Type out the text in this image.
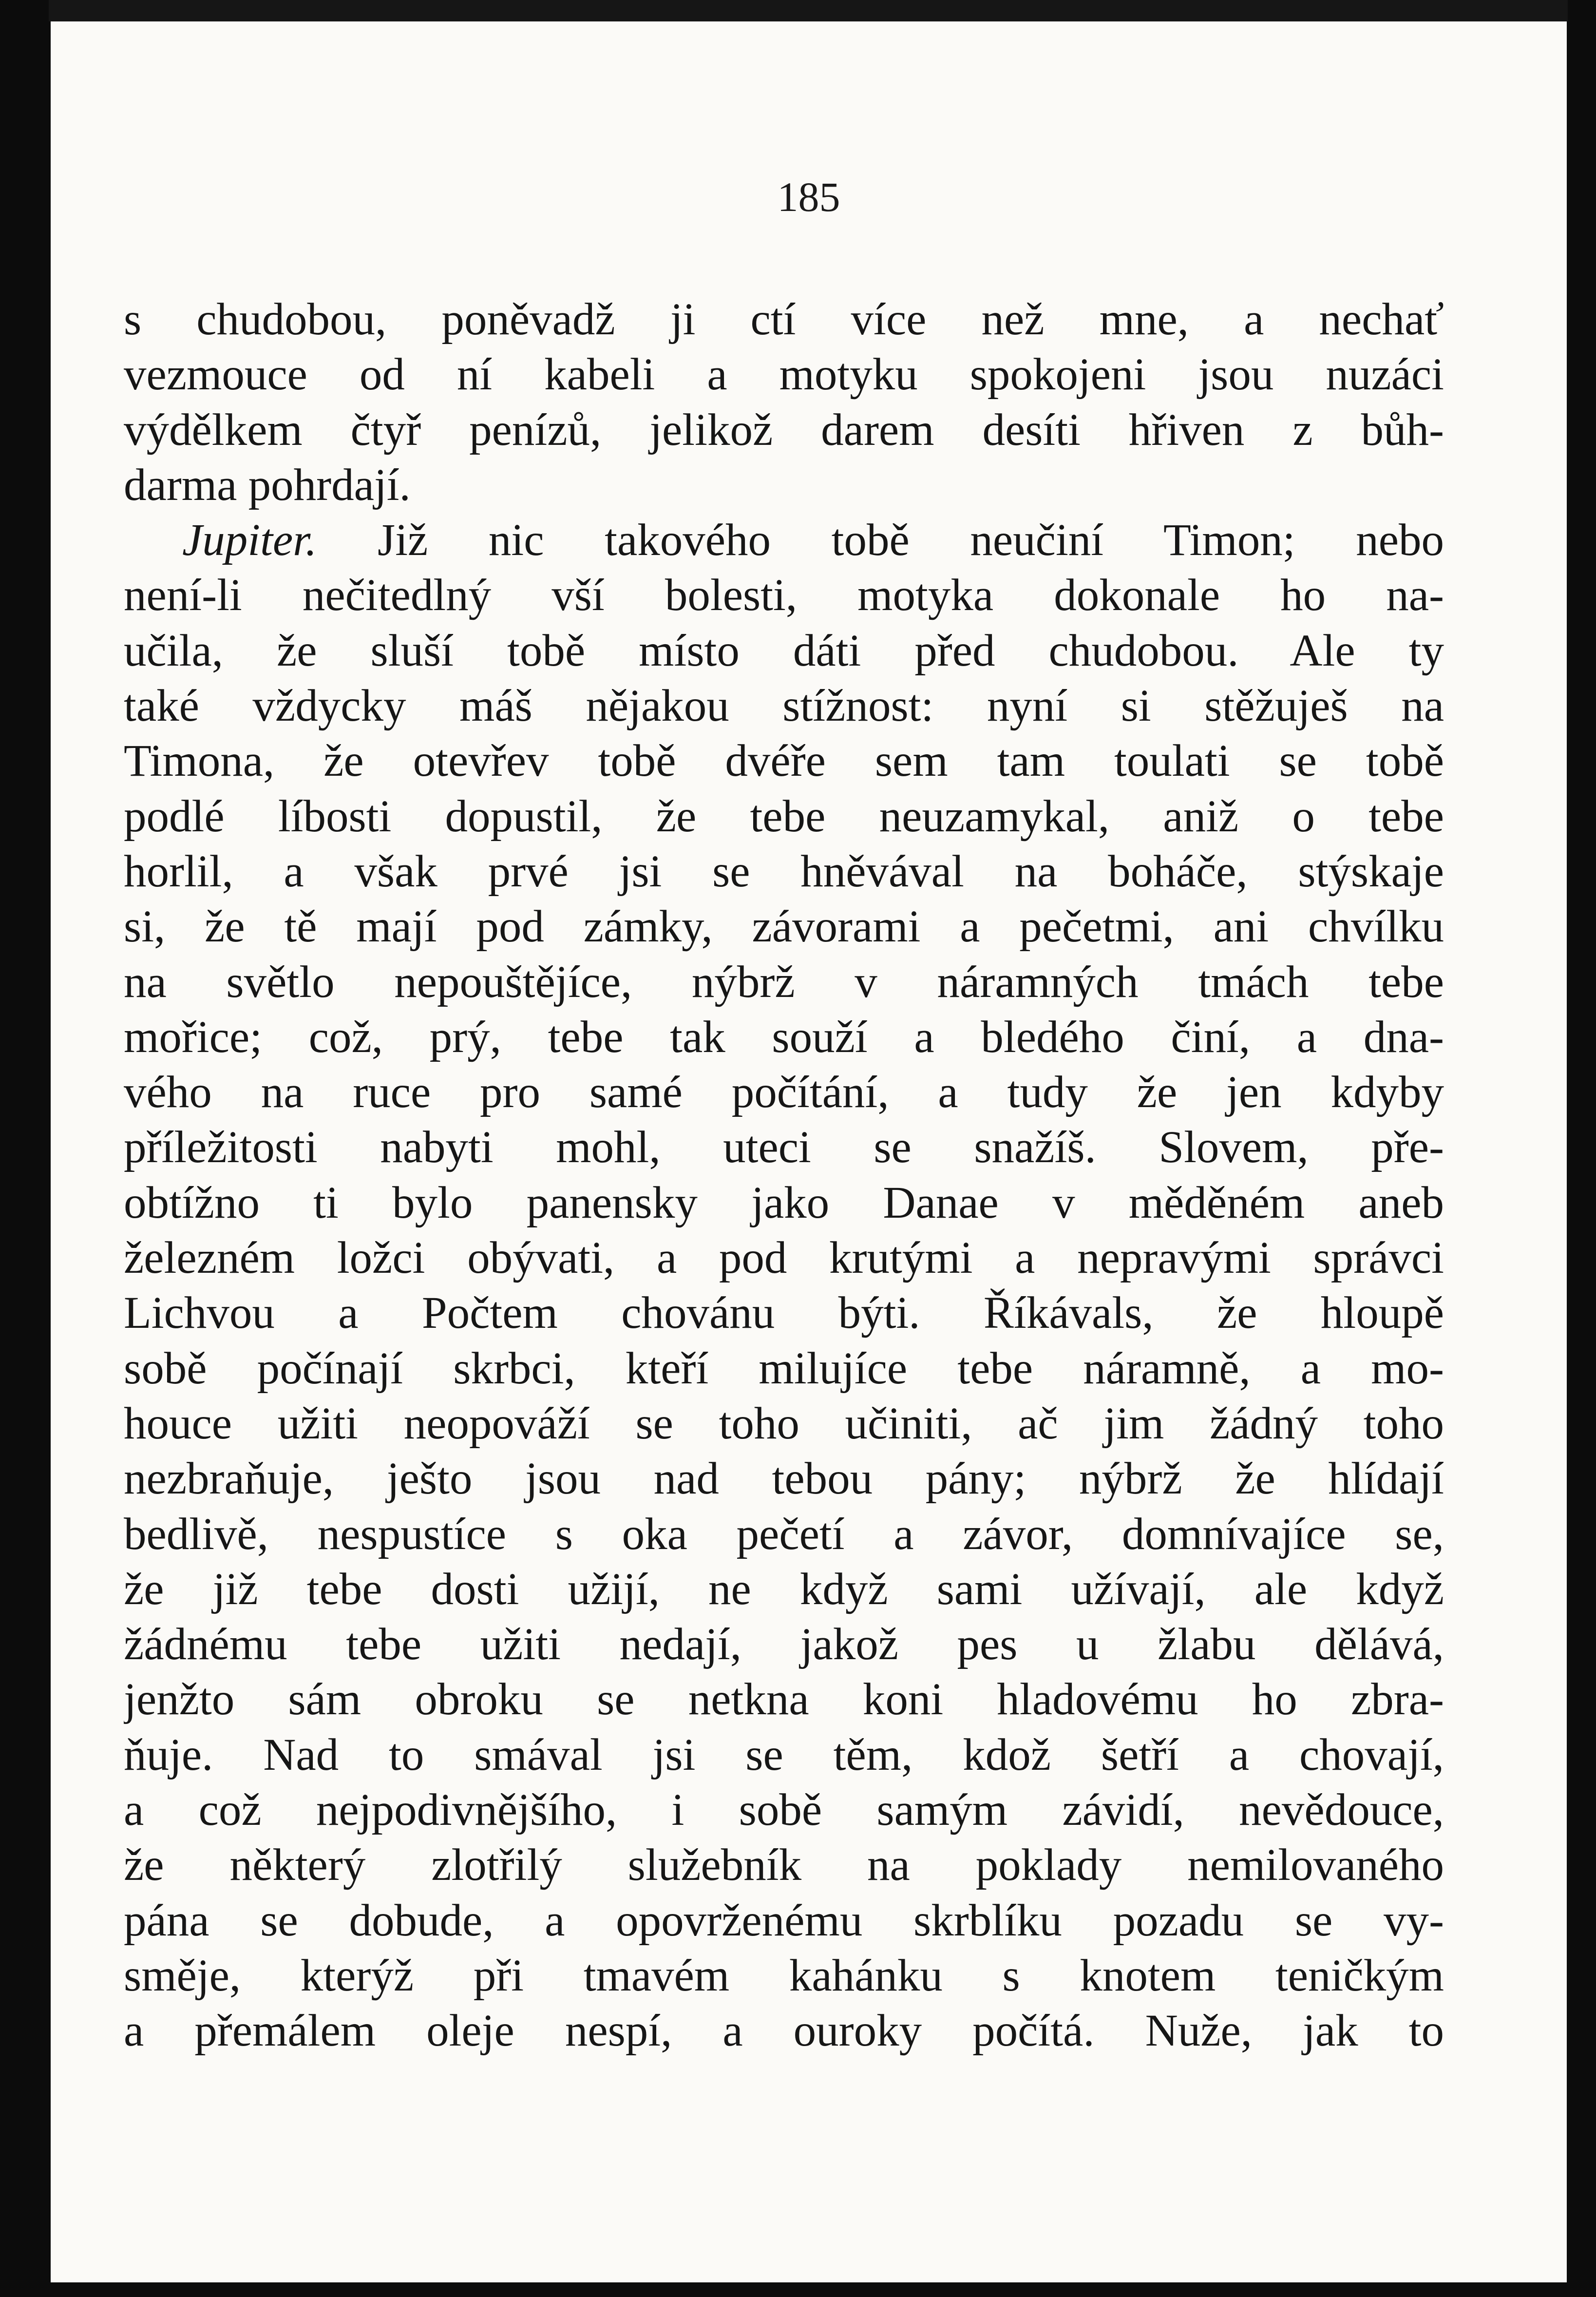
185
s chudobou, poněvadž ji ctí více než mne, a nechať
vezmouce od ní kabeli a motyku spokojeni jsou nuzáci
výdělkem čtyř penízů, jelikož darem desíti hřiven z bůh-
darma pohrdají.
Jupiter. Již nic takového tobě neučiní Timon; nebo
není-li nečitedlný vší bolesti, motyka dokonale ho na-
učila, že sluší tobě místo dáti před chudobou. Ale ty
také vždycky máš nějakou stížnost: nyní si stěžuješ na
Timona, že otevřev tobě dvéře sem tam toulati se tobě
podlé líbosti dopustil, že tebe neuzamykal, aniž o tebe
horlil, a však prvé jsi se hněvával na boháče, stýskaje
si, že tě mají pod zámky, závorami a pečetmi, ani chvílku
na světlo nepouštějíce, nýbrž v náramných tmách tebe
mořice; což, prý, tebe tak souží a bledého činí, a dna-
vého na ruce pro samé počítání, a tudy že jen kdyby
příležitosti nabyti mohl, uteci se snažíš. Slovem, pře-
obtížno ti bylo panensky jako Danae v měděném aneb
železném ložci obývati, a pod krutými a nepravými správci
Lichvou a Počtem chovánu býti. Říkávals, že hloupě
sobě počínají skrbci, kteří milujíce tebe náramně, a mo-
houce užiti neopováží se toho učiniti, ač jim žádný toho
nezbraňuje, ješto jsou nad tebou pány; nýbrž že hlídají
bedlivě, nespustíce s oka pečetí a závor, domnívajíce se,
že již tebe dosti užijí, ne když sami užívají, ale když
žádnému tebe užiti nedají, jakož pes u žlabu dělává,
jenžto sám obroku se netkna koni hladovému ho zbra-
ňuje. Nad to smával jsi se těm, kdož šetří a chovají,
a což nejpodivnějšího, i sobě samým závidí, nevědouce,
že některý zlotřilý služebník na poklady nemilovaného
pána se dobude, a opovrženému skrblíku pozadu se vy-
směje, kterýž při tmavém kahánku s knotem teničkým
a přemálem oleje nespí, a ouroky počítá. Nuže, jak to
